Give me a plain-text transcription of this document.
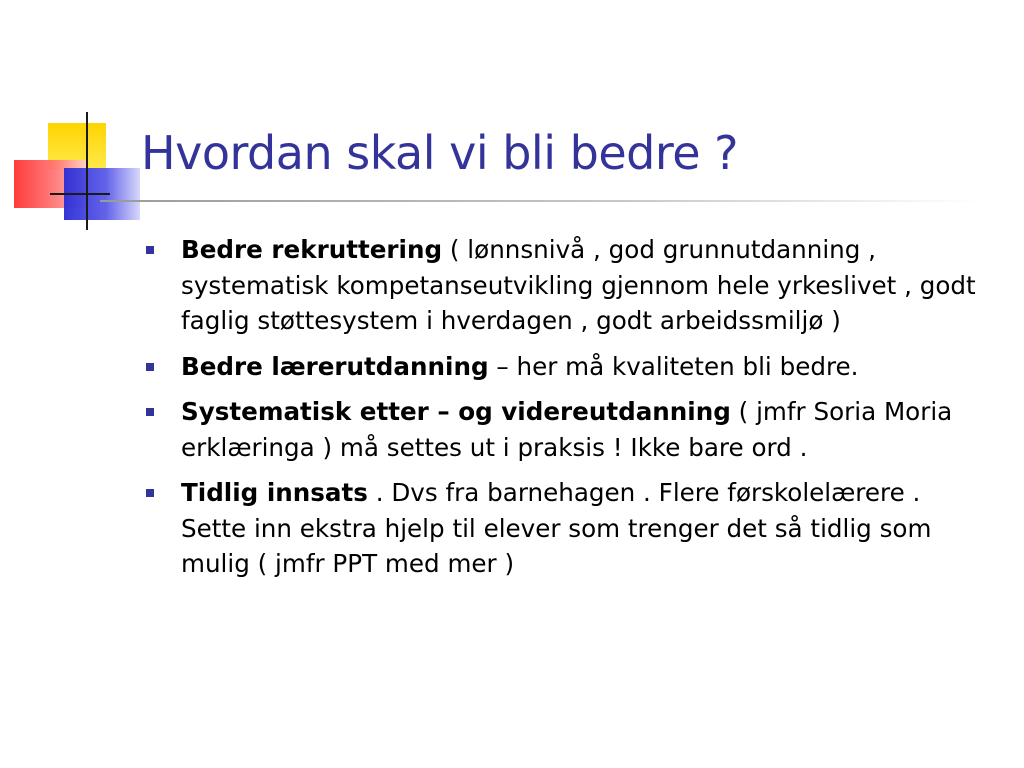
Hvordan skal vi bli bedre ?
Bedre rekruttering ( lønnsnivå , god grunnutdanning , systematisk kompetanseutvikling gjennom hele yrkeslivet , godt faglig støttesystem i hverdagen , godt arbeidssmiljø )
Bedre lærerutdanning – her må kvaliteten bli bedre.
Systematisk etter – og videreutdanning ( jmfr Soria Moria erklæringa ) må settes ut i praksis ! Ikke bare ord .
Tidlig innsats . Dvs fra barnehagen . Flere førskolelærere . Sette inn ekstra hjelp til elever som trenger det så tidlig som mulig ( jmfr PPT med mer )
